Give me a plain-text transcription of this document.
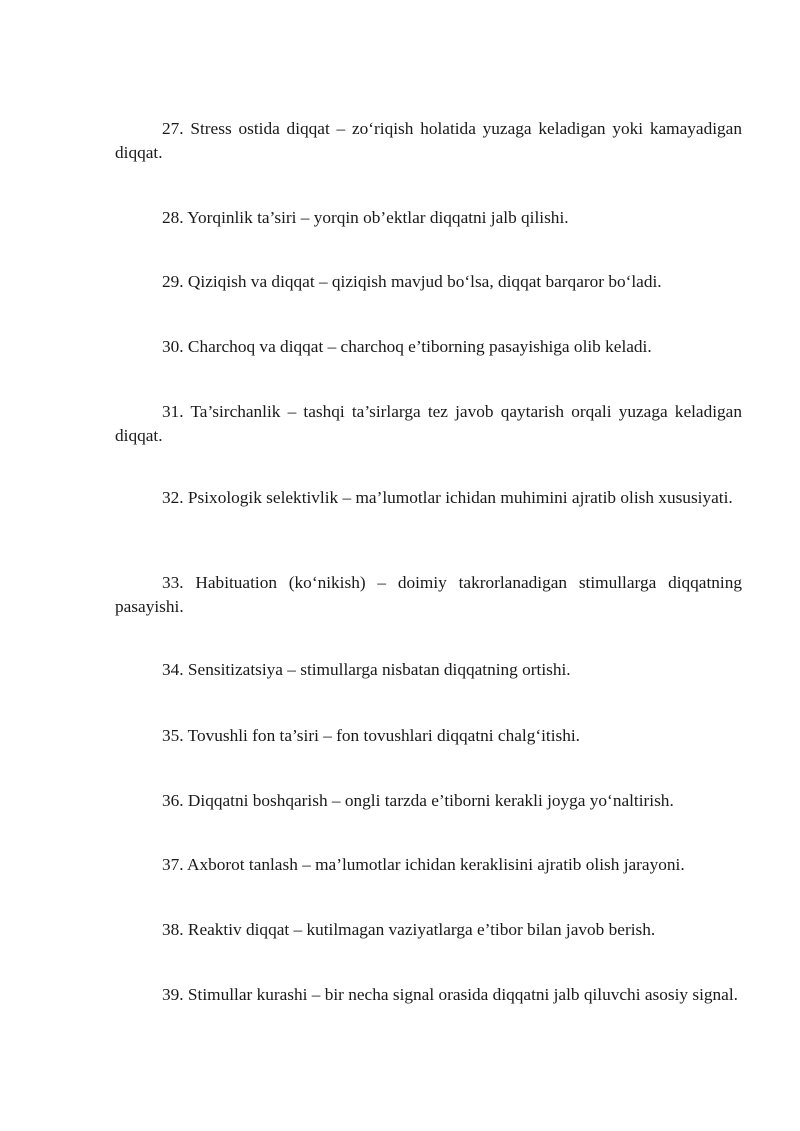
27. Stress ostida diqqat – zo‘riqish holatida yuzaga keladigan yoki kamayadigan diqqat.

28. Yorqinlik ta’siri – yorqin ob’ektlar diqqatni jalb qilishi.

29. Qiziqish va diqqat – qiziqish mavjud bo‘lsa, diqqat barqaror bo‘ladi.

30. Charchoq va diqqat – charchoq e’tiborning pasayishiga olib keladi.

31. Ta’sirchanlik – tashqi ta’sirlarga tez javob qaytarish orqali yuzaga keladigan diqqat.

32. Psixologik selektivlik – ma’lumotlar ichidan muhimini ajratib olish xususiyati.

33. Habituation (ko‘nikish) – doimiy takrorlanadigan stimullarga diqqatning pasayishi.

34. Sensitizatsiya – stimullarga nisbatan diqqatning ortishi.

35. Tovushli fon ta’siri – fon tovushlari diqqatni chalg‘itishi.

36. Diqqatni boshqarish – ongli tarzda e’tiborni kerakli joyga yo‘naltirish.

37. Axborot tanlash – ma’lumotlar ichidan keraklisini ajratib olish jarayoni.

38. Reaktiv diqqat – kutilmagan vaziyatlarga e’tibor bilan javob berish.

39. Stimullar kurashi – bir necha signal orasida diqqatni jalb qiluvchi asosiy signal.
